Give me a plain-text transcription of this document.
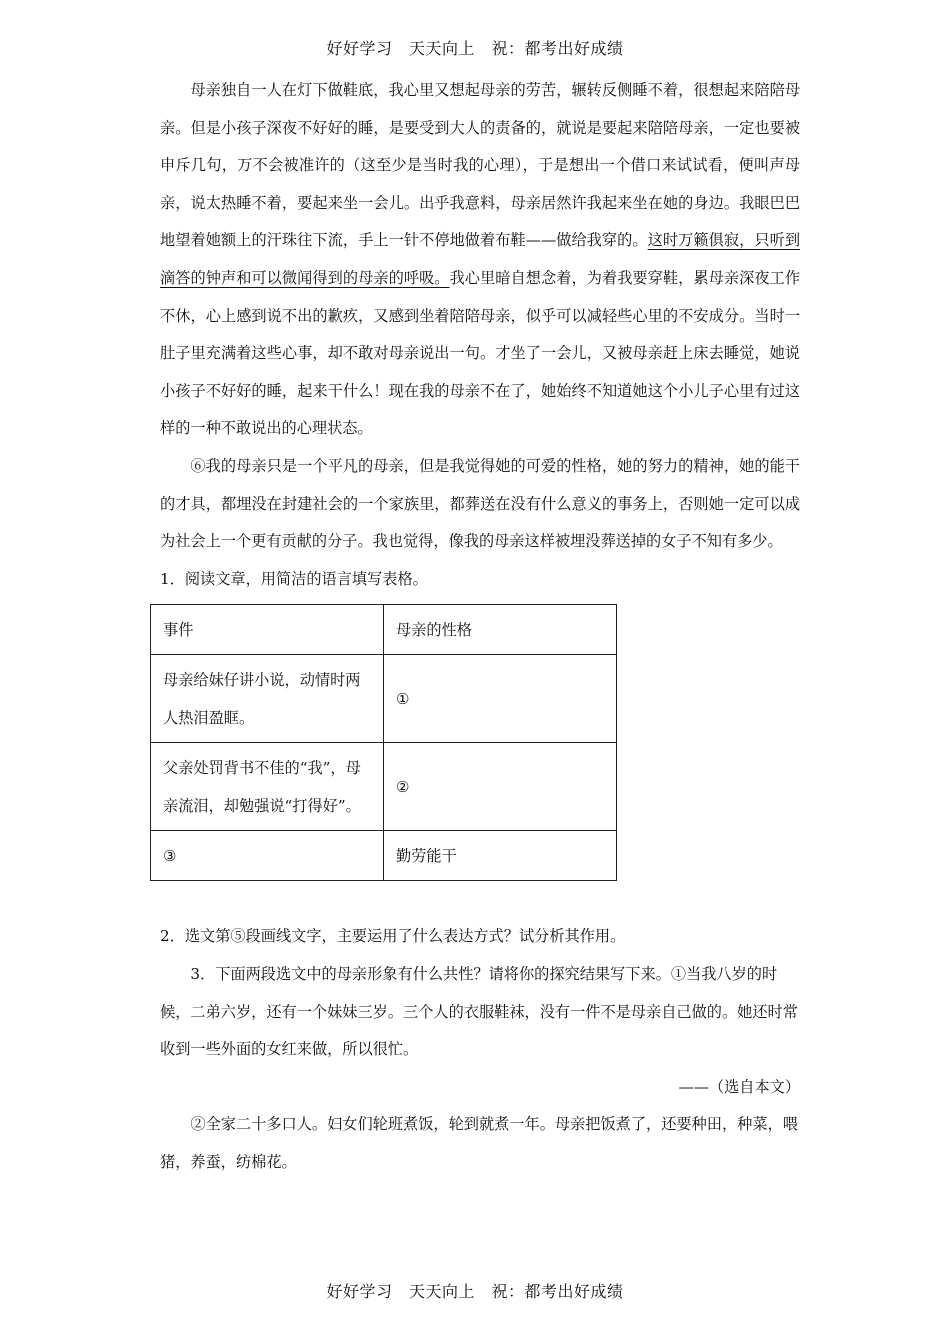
好好学习　天天向上　祝：都考出好成绩

母亲独自一人在灯下做鞋底，我心里又想起母亲的劳苦，辗转反侧睡不着，很想起来陪陪母亲。但是小孩子深夜不好好的睡，是要受到大人的责备的，就说是要起来陪陪母亲，一定也要被申斥几句，万不会被准许的（这至少是当时我的心理），于是想出一个借口来试试看，便叫声母亲，说太热睡不着，要起来坐一会儿。出乎我意料，母亲居然许我起来坐在她的身边。我眼巴巴地望着她额上的汗珠往下流，手上一针不停地做着布鞋——做给我穿的。这时万籁俱寂，只听到滴答的钟声和可以微闻得到的母亲的呼吸。我心里暗自想念着，为着我要穿鞋，累母亲深夜工作不休，心上感到说不出的歉疚，又感到坐着陪陪母亲，似乎可以减轻些心里的不安成分。当时一肚子里充满着这些心事，却不敢对母亲说出一句。才坐了一会儿，又被母亲赶上床去睡觉，她说小孩子不好好的睡，起来干什么！现在我的母亲不在了，她始终不知道她这个小儿子心里有过这样的一种不敢说出的心理状态。

⑥我的母亲只是一个平凡的母亲，但是我觉得她的可爱的性格，她的努力的精神，她的能干的才具，都埋没在封建社会的一个家族里，都葬送在没有什么意义的事务上，否则她一定可以成为社会上一个更有贡献的分子。我也觉得，像我的母亲这样被埋没葬送掉的女子不知有多少。

1．阅读文章，用简洁的语言填写表格。

事件	母亲的性格
母亲给妹仔讲小说，动情时两人热泪盈眶。	①
父亲处罚背书不佳的“我”，母亲流泪，却勉强说“打得好”。	②
③	勤劳能干

2．选文第⑤段画线文字，主要运用了什么表达方式？试分析其作用。

3．下面两段选文中的母亲形象有什么共性？请将你的探究结果写下来。①当我八岁的时候，二弟六岁，还有一个妹妹三岁。三个人的衣服鞋袜，没有一件不是母亲自己做的。她还时常收到一些外面的女红来做，所以很忙。

——（选自本文）

②全家二十多口人。妇女们轮班煮饭，轮到就煮一年。母亲把饭煮了，还要种田，种菜，喂猪，养蚕，纺棉花。

好好学习　天天向上　祝：都考出好成绩
